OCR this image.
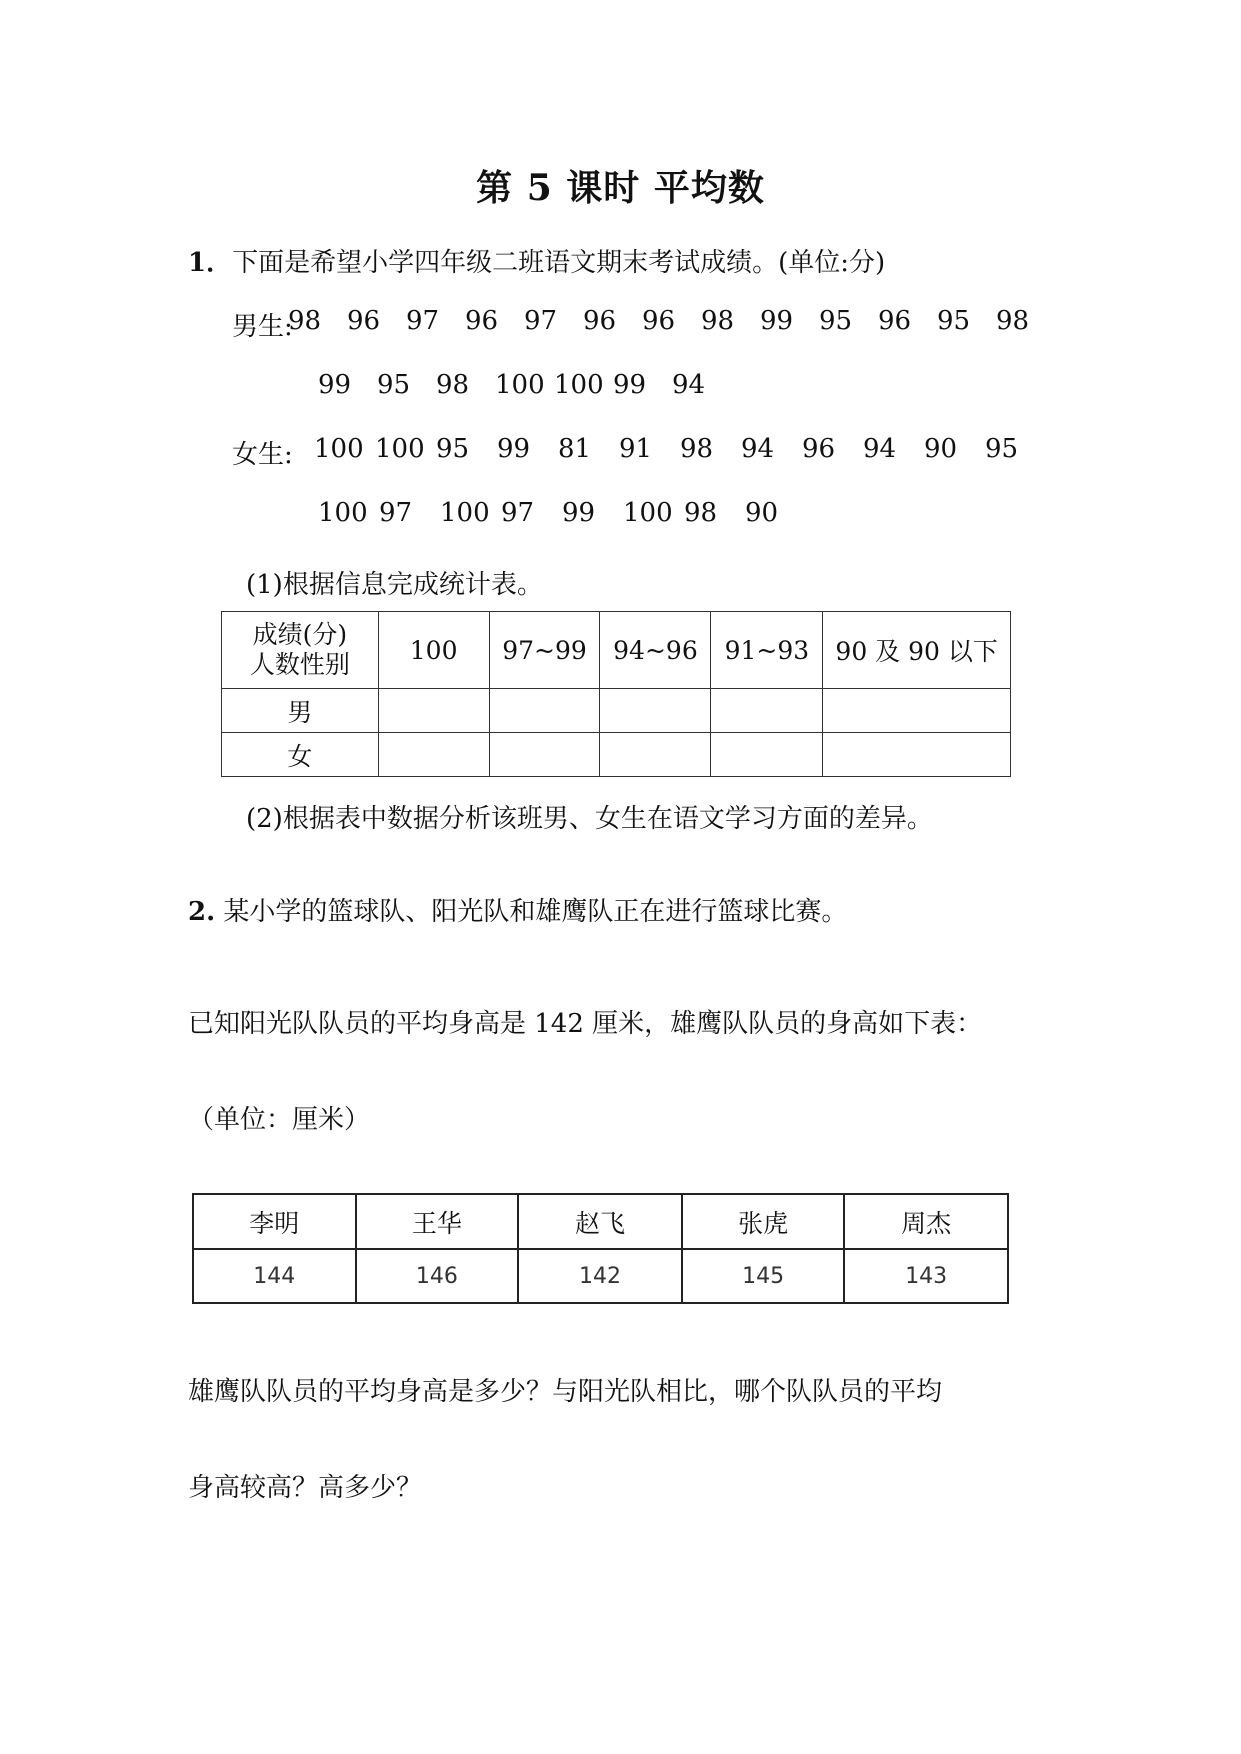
第 5 课时 平均数
1．下面是希望小学四年级二班语文期末考试成绩。(单位:分)
男生:
98 96 97 96 97 96 96 98 99 95 96 95 98
99 95 98 100 100 99 94
女生: 100 100 95 99 81 91 98 94 96 94 90 95
100 97 100 97 99 100 98 90
(1)根据信息完成统计表。
成绩(分)
人数性别	100	97~99	94~96	91~93	90 及 90 以下
男					
女					
(2)根据表中数据分析该班男、女生在语文学习方面的差异。
2. 某小学的篮球队、阳光队和雄鹰队正在进行篮球比赛。
已知阳光队队员的平均身高是 142 厘米，雄鹰队队员的身高如下表：
（单位：厘米）
李明	王华	赵飞	张虎	周杰
144	146	142	145	143
雄鹰队队员的平均身高是多少？与阳光队相比，哪个队队员的平均
身高较高？高多少？
